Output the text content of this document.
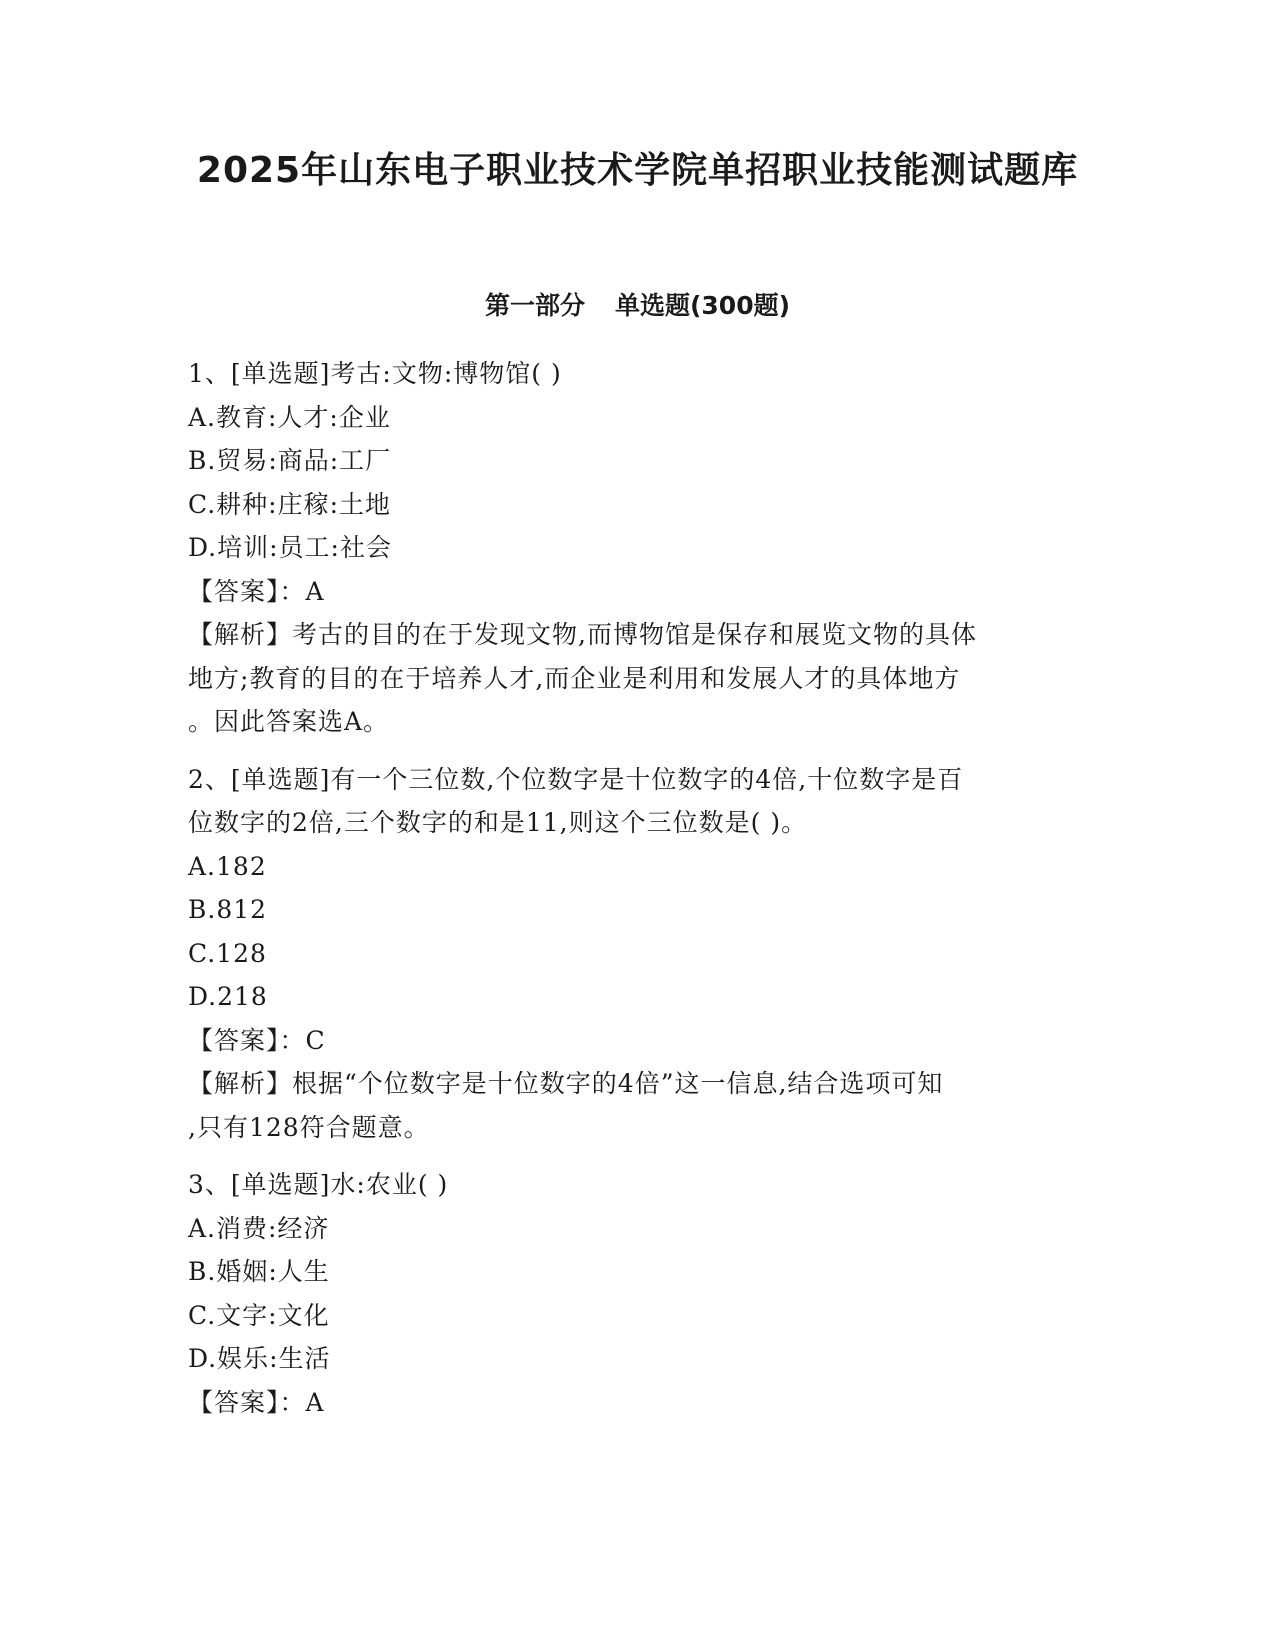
2025年山东电子职业技术学院单招职业技能测试题库
第一部分 单选题(300题)
1、[单选题]考古:文物:博物馆( )
A.教育:人才:企业
B.贸易:商品:工厂
C.耕种:庄稼:土地
D.培训:员工:社会
【答案】：A
【解析】考古的目的在于发现文物,而博物馆是保存和展览文物的具体
地方;教育的目的在于培养人才,而企业是利用和发展人才的具体地方
。因此答案选A。
2、[单选题]有一个三位数,个位数字是十位数字的4倍,十位数字是百
位数字的2倍,三个数字的和是11,则这个三位数是( )。
A.182
B.812
C.128
D.218
【答案】：C
【解析】根据“个位数字是十位数字的4倍”这一信息,结合选项可知
,只有128符合题意。
3、[单选题]水:农业( )
A.消费:经济
B.婚姻:人生
C.文字:文化
D.娱乐:生活
【答案】：A
